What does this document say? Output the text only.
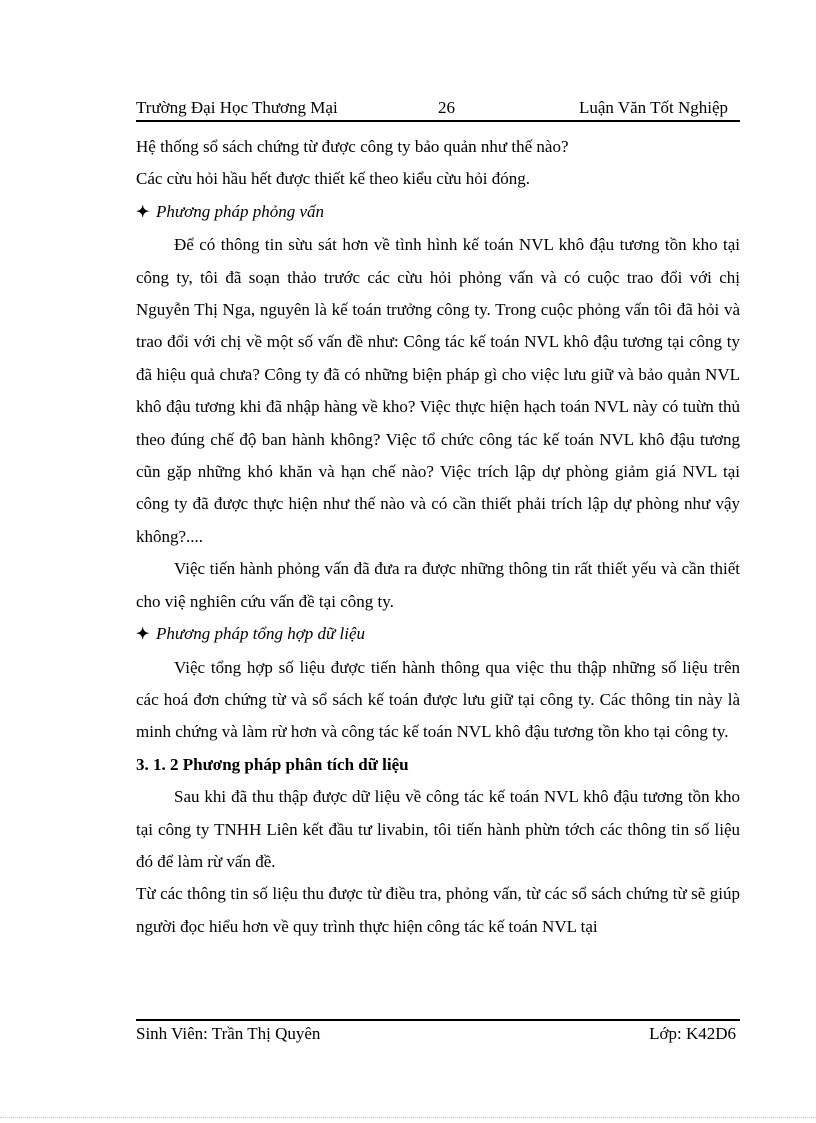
Trường Đại Học Thương Mại	26	Luận Văn Tốt Nghiệp

Hệ thống sổ sách chứng từ được công ty bảo quản như thế nào?

Các cừu hỏi hầu hết được thiết kế theo kiểu cừu hỏi đóng.

✦ Phương pháp phỏng vấn

Để có thông tin sừu sát hơn về tình hình kế toán NVL khô đậu tương tồn kho tại công ty, tôi đã soạn thảo trước các cừu hỏi phỏng vấn và có cuộc trao đổi với chị Nguyễn Thị Nga, nguyên là kế toán trưởng công ty. Trong cuộc phỏng vấn tôi đã hỏi và trao đổi với chị về một số vấn đề như: Công tác kế toán NVL khô đậu tương tại công ty đã hiệu quả chưa? Công ty đã có những biện pháp gì cho việc lưu giữ và bảo quản NVL khô đậu tương khi đã nhập hàng về kho? Việc thực hiện hạch toán NVL này có tuừn thủ theo đúng chế độ ban hành không? Việc tổ chức công tác kế toán NVL khô đậu tương cũn gặp những khó khăn và hạn chế nào? Việc trích lập dự phòng giảm giá NVL tại công ty đã được thực hiện như thế nào và có cần thiết phải trích lập dự phòng như vậy không?....

Việc tiến hành phỏng vấn đã đưa ra được những thông tin rất thiết yếu và cần thiết cho việ nghiên cứu vấn đề tại công ty.

✦ Phương pháp tổng hợp dữ liệu

Việc tổng hợp số liệu được tiến hành thông qua việc thu thập những số liệu trên các hoá đơn chứng từ và sổ sách kế toán được lưu giữ tại công ty. Các thông tin này là minh chứng và làm rừ hơn và công tác kế toán NVL khô đậu tương tồn kho tại công ty.

3. 1. 2 Phương pháp phân tích dữ liệu

Sau khi đã thu thập được dữ liệu về công tác kế toán NVL khô đậu tương tồn kho tại công ty TNHH Liên kết đầu tư livabin, tôi tiến hành phừn tớch các thông tin số liệu đó để làm rừ vấn đề.

Từ các thông tin số liệu thu được từ điều tra, phỏng vấn, từ các sổ sách chứng từ sẽ giúp người đọc hiểu hơn về quy trình thực hiện công tác kế toán NVL tại

Sinh Viên: Trần Thị Quyên	Lớp: K42D6
